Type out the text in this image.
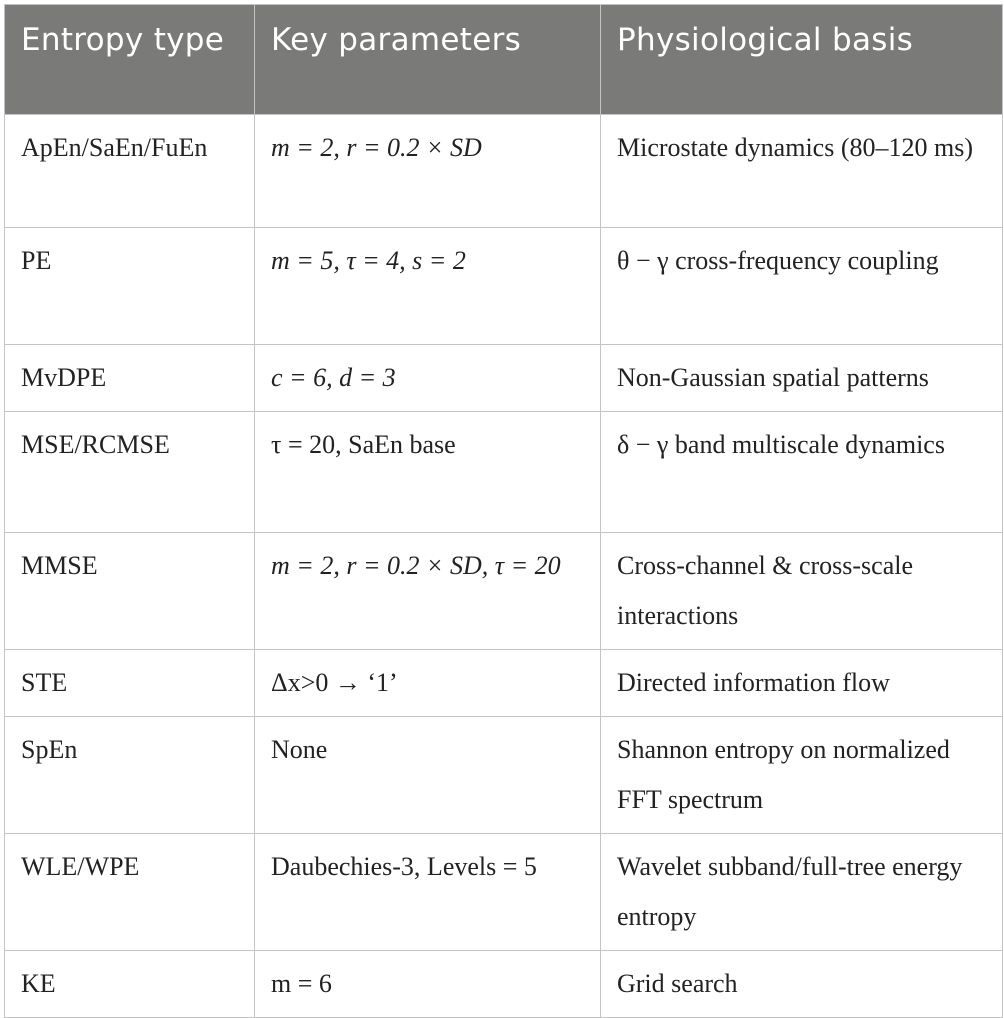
Entropy type	Key parameters	Physiological basis
ApEn/SaEn/FuEn	m = 2, r = 0.2 × SD	Microstate dynamics (80–120 ms)
PE	m = 5, τ = 4, s = 2	θ − γ cross-frequency coupling
MvDPE	c = 6, d = 3	Non-Gaussian spatial patterns
MSE/RCMSE	τ = 20, SaEn base	δ − γ band multiscale dynamics
MMSE	m = 2, r = 0.2 × SD, τ = 20	Cross-channel & cross-scale interactions
STE	Δx>0 → ‘1’	Directed information flow
SpEn	None	Shannon entropy on normalized FFT spectrum
WLE/WPE	Daubechies-3, Levels = 5	Wavelet subband/full-tree energy entropy
KE	m = 6	Grid search
